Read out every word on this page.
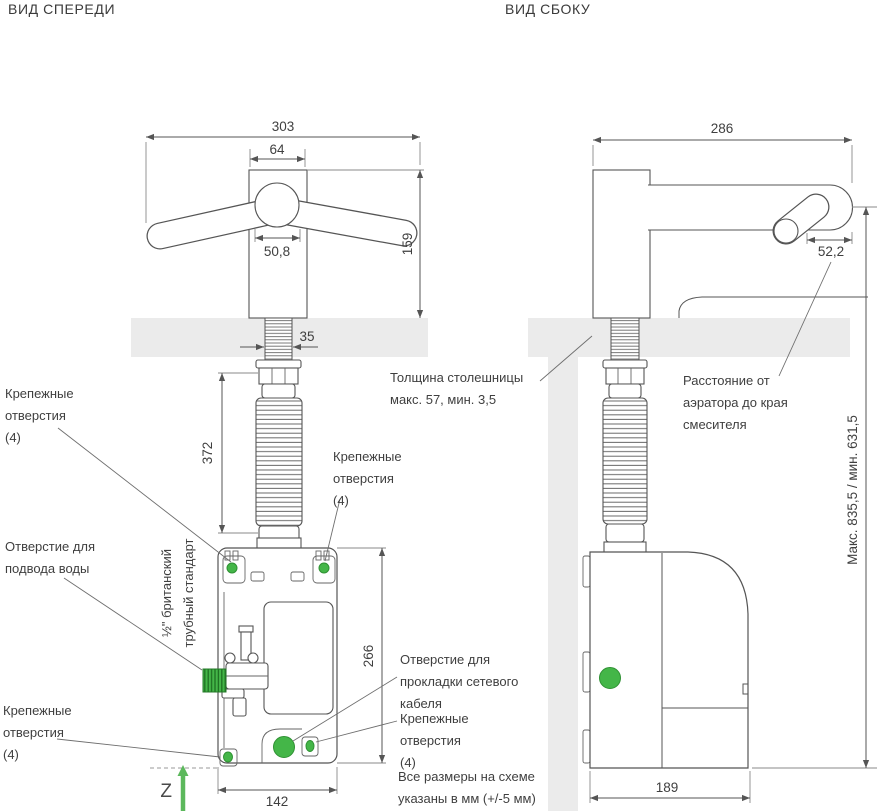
ВИД СПЕРЕДИ
303
64
50,8	159
35
372
266
142
Z
ВИД СБОКУ
286
52,2
Макс. 835,5 / мин. 631,5
189
Крепежные
отверстия
(4)
Отверстие для
подвода воды	½" британский трубный стандарт
Толщина столешницы
макс. 57, мин. 3,5
Крепежные
отверстия
(4)
Расстояние от
аэратора до края
смесителя
Отверстие для
прокладки сетевого
кабеля
Крепежные
отверстия
(4)
Крепежные
отверстия
(4)
Все размеры на схеме
указаны в мм (+/-5 мм)
